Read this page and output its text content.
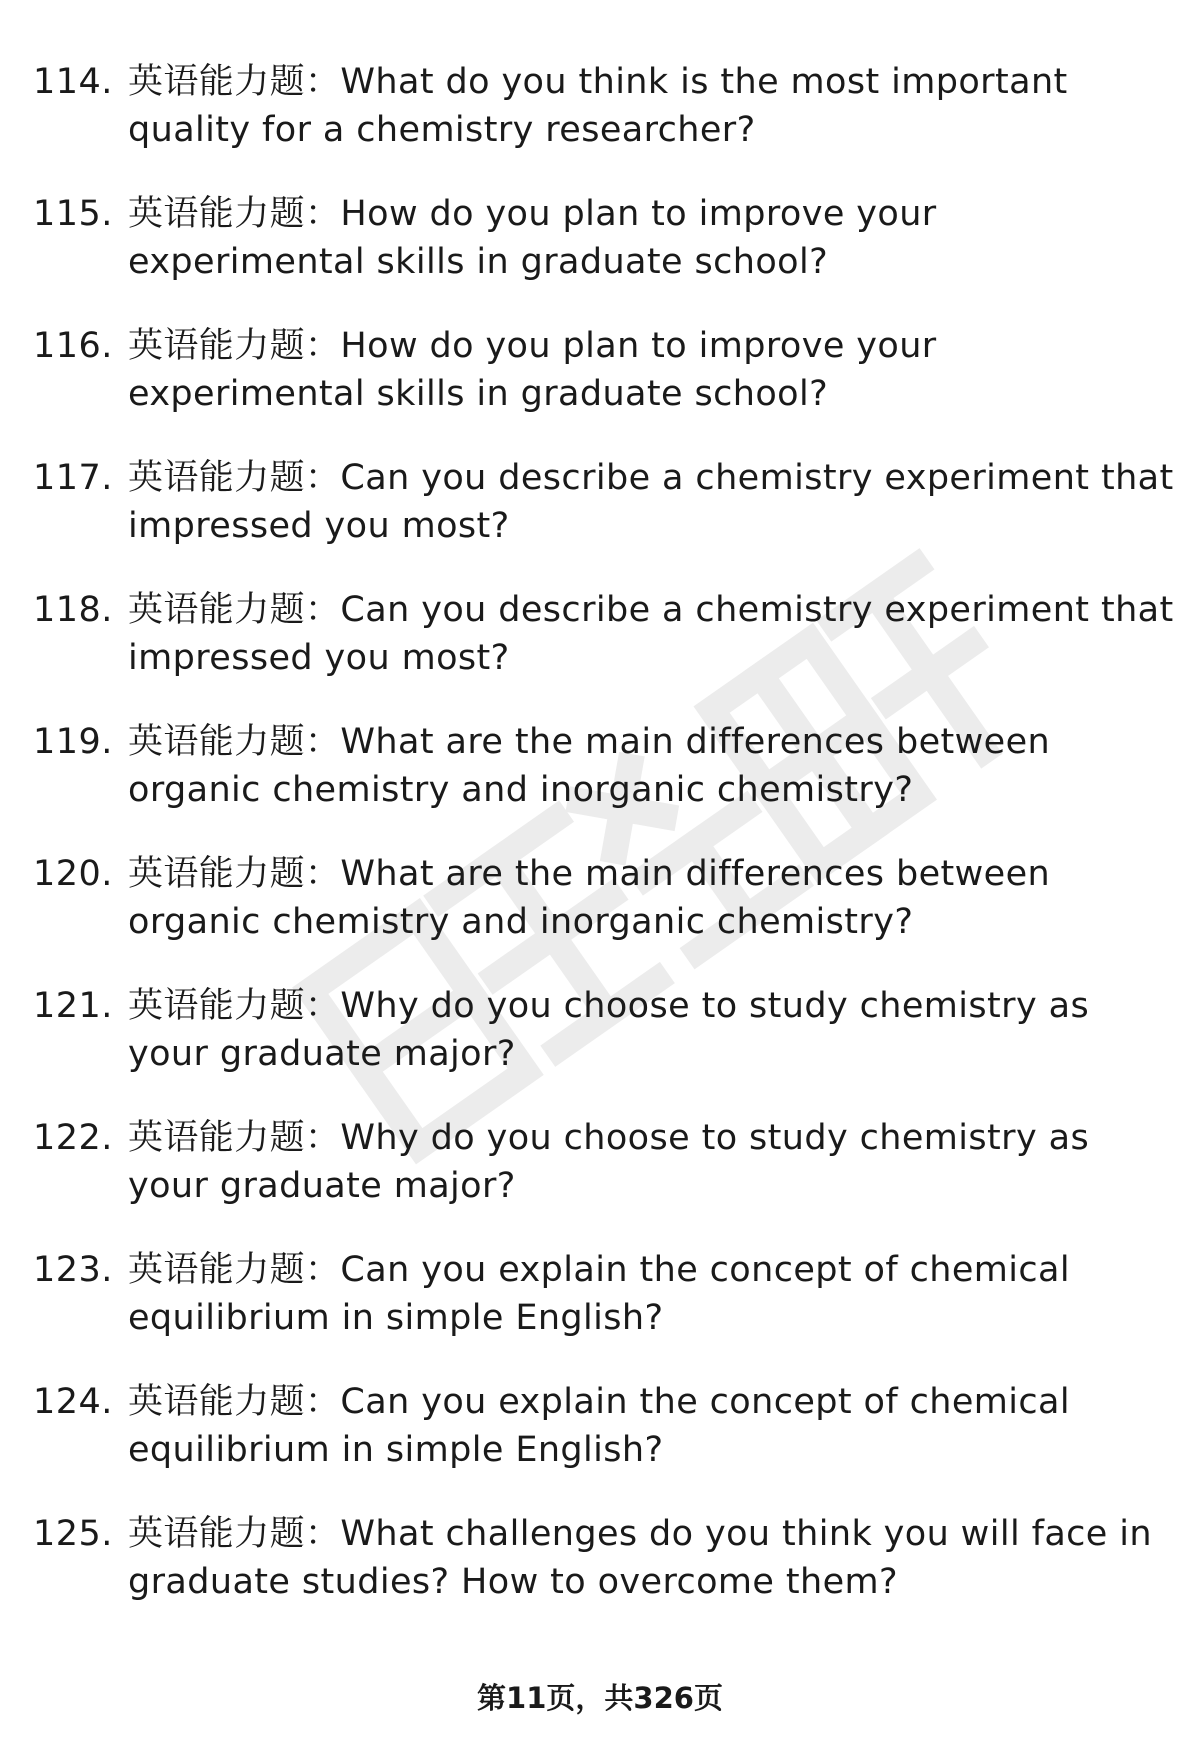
114. 英语能力题：What do you think is the most important quality for a chemistry researcher?
115. 英语能力题：How do you plan to improve your experimental skills in graduate school?
116. 英语能力题：How do you plan to improve your experimental skills in graduate school?
117. 英语能力题：Can you describe a chemistry experiment that impressed you most?
118. 英语能力题：Can you describe a chemistry experiment that impressed you most?
119. 英语能力题：What are the main differences between organic chemistry and inorganic chemistry?
120. 英语能力题：What are the main differences between organic chemistry and inorganic chemistry?
121. 英语能力题：Why do you choose to study chemistry as your graduate major?
122. 英语能力题：Why do you choose to study chemistry as your graduate major?
123. 英语能力题：Can you explain the concept of chemical equilibrium in simple English?
124. 英语能力题：Can you explain the concept of chemical equilibrium in simple English?
125. 英语能力题：What challenges do you think you will face in graduate studies? How to overcome them?
第11页，共326页
